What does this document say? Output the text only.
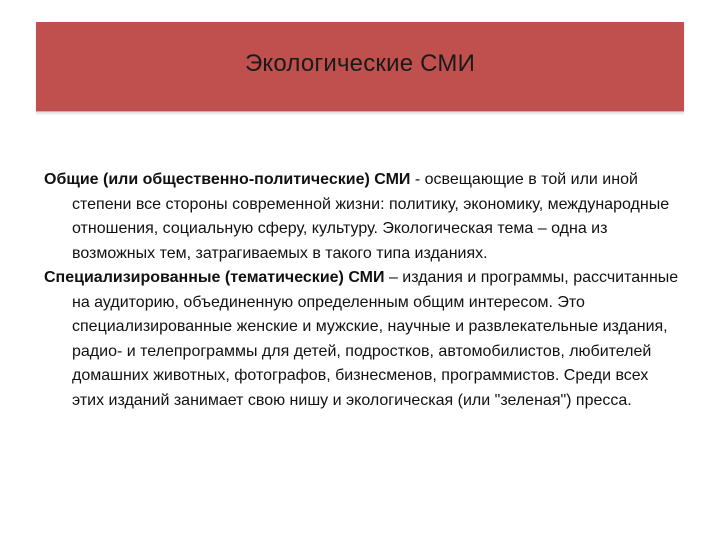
Экологические СМИ

Общие (или общественно-политические) СМИ - освещающие в той или иной степени все стороны современной жизни: политику, экономику, международные отношения, социальную сферу, культуру. Экологическая тема – одна из возможных тем, затрагиваемых в такого типа изданиях.

Специализированные (тематические) СМИ – издания и программы, рассчитанные на аудиторию, объединенную определенным общим интересом. Это специализированные женские и мужские, научные и развлекательные издания, радио- и телепрограммы для детей, подростков, автомобилистов, любителей домашних животных, фотографов, бизнесменов, программистов. Среди всех этих изданий занимает свою нишу и экологическая (или "зеленая") пресса.
